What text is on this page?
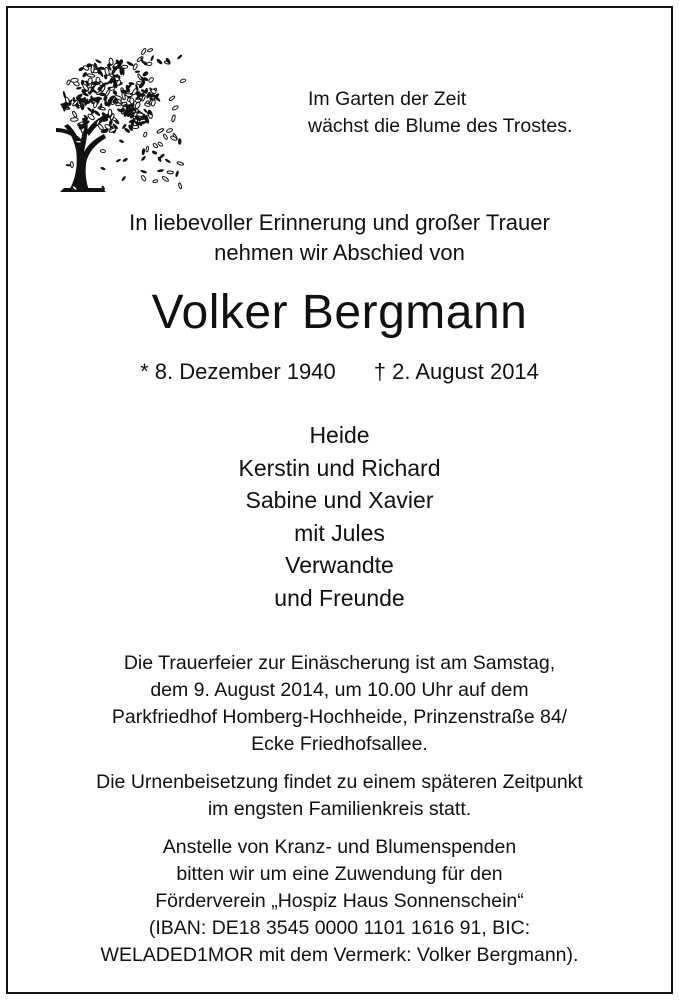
Im Garten der Zeit
wächst die Blume des Trostes.
In liebevoller Erinnerung und großer Trauer
nehmen wir Abschied von
Volker Bergmann
* 8. Dezember 1940 † 2. August 2014
Heide
Kerstin und Richard
Sabine und Xavier
mit Jules
Verwandte
und Freunde
Die Trauerfeier zur Einäscherung ist am Samstag,
dem 9. August 2014, um 10.00 Uhr auf dem
Parkfriedhof Homberg-Hochheide, Prinzenstraße 84/
Ecke Friedhofsallee.
Die Urnenbeisetzung findet zu einem späteren Zeitpunkt
im engsten Familienkreis statt.
Anstelle von Kranz- und Blumenspenden
bitten wir um eine Zuwendung für den
Förderverein „Hospiz Haus Sonnenschein“
(IBAN: DE18 3545 0000 1101 1616 91, BIC:
WELADED1MOR mit dem Vermerk: Volker Bergmann).
